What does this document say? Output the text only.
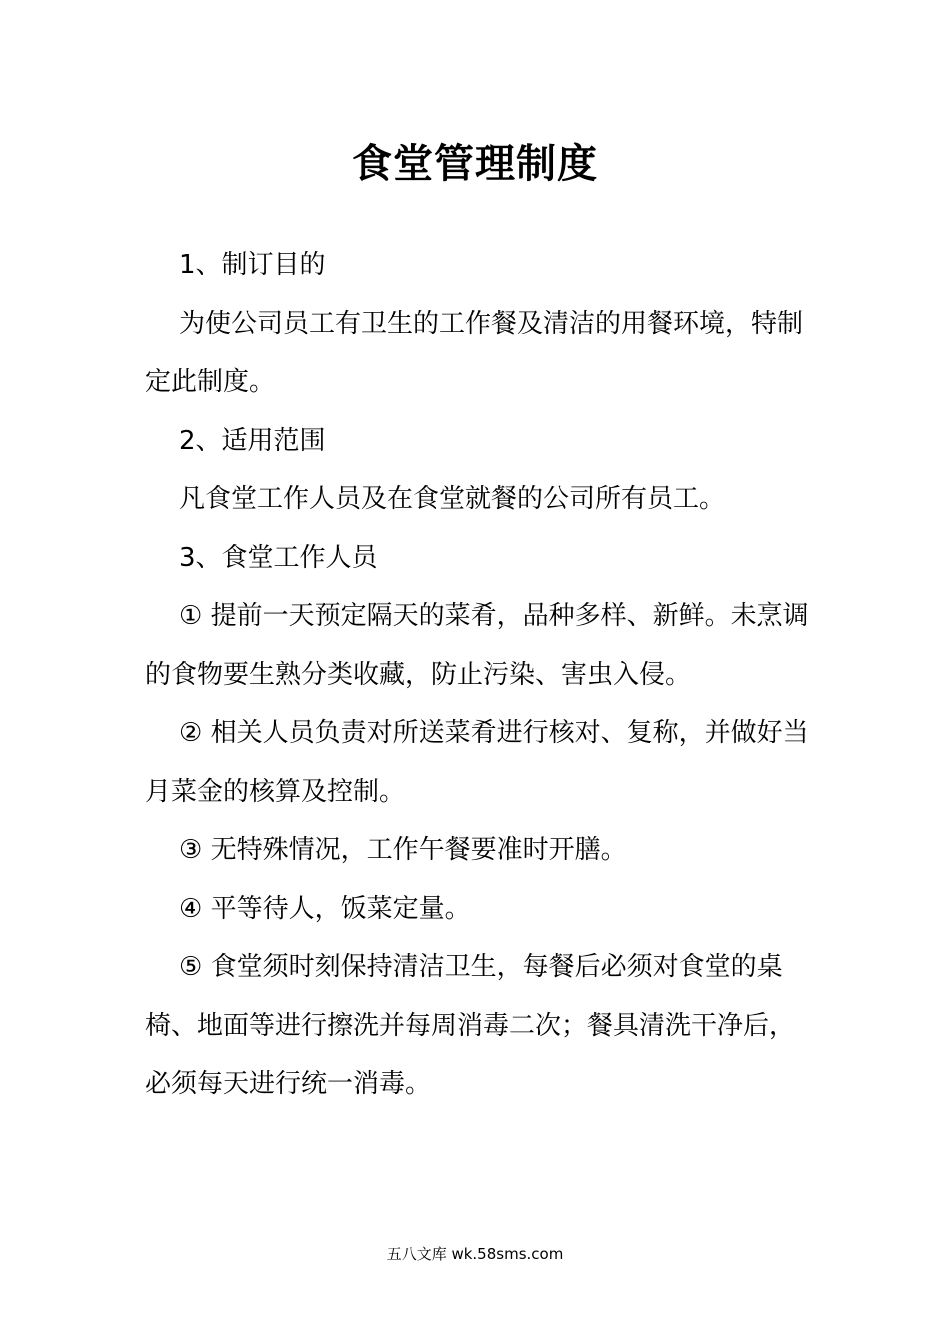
食堂管理制度

1、制订目的

为使公司员工有卫生的工作餐及清洁的用餐环境，特制定此制度。

2、适用范围

凡食堂工作人员及在食堂就餐的公司所有员工。

3、食堂工作人员

① 提前一天预定隔天的菜肴，品种多样、新鲜。未烹调的食物要生熟分类收藏，防止污染、害虫入侵。

② 相关人员负责对所送菜肴进行核对、复称，并做好当月菜金的核算及控制。

③ 无特殊情况，工作午餐要准时开膳。

④ 平等待人，饭菜定量。

⑤ 食堂须时刻保持清洁卫生，每餐后必须对食堂的桌椅、地面等进行擦洗并每周消毒二次；餐具清洗干净后，必须每天进行统一消毒。

五八文库 wk.58sms.com
